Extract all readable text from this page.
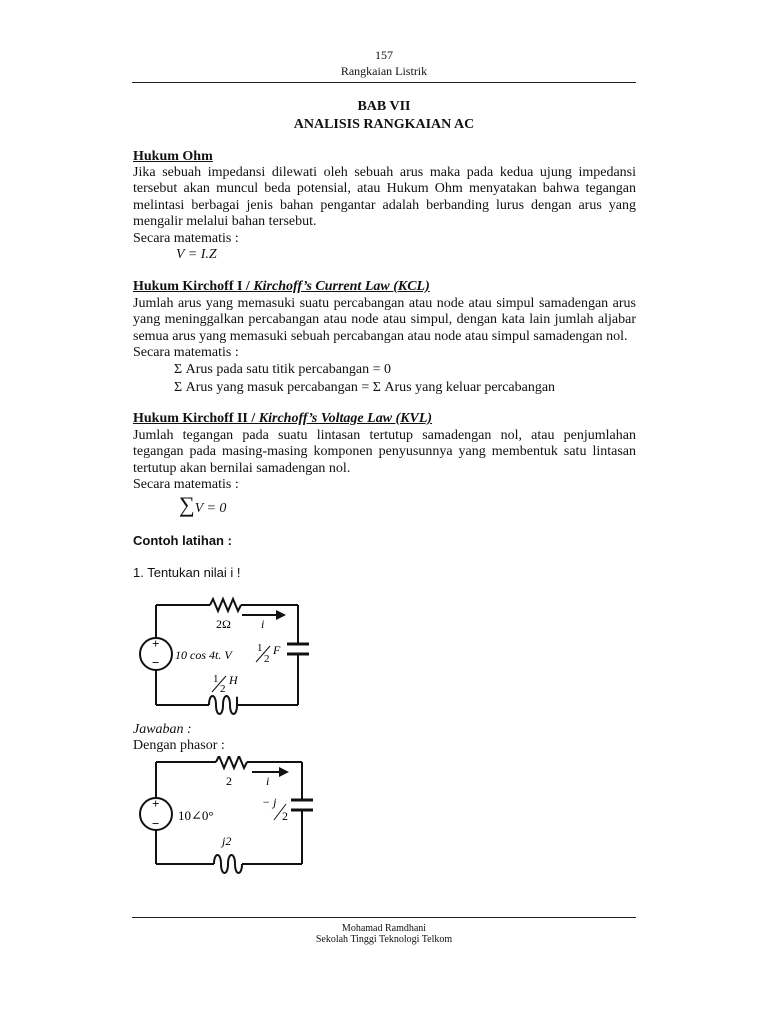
157
Rangkaian Listrik
BAB VII
ANALISIS RANGKAIAN AC
Hukum Ohm
Jika sebuah impedansi dilewati oleh sebuah arus maka pada kedua ujung impedansi tersebut akan muncul beda potensial, atau Hukum Ohm menyatakan bahwa tegangan melintasi berbagai jenis bahan pengantar adalah berbanding lurus dengan arus yang mengalir melalui bahan tersebut.
Secara matematis :
V = I.Z
Hukum Kirchoff I / Kirchoff’s Current Law (KCL)
Jumlah arus yang memasuki suatu percabangan atau node atau simpul samadengan arus yang meninggalkan percabangan atau node atau simpul, dengan kata lain jumlah aljabar semua arus yang memasuki sebuah percabangan atau node atau simpul samadengan nol.
Secara matematis :
Σ Arus pada satu titik percabangan = 0
Σ Arus yang masuk percabangan = Σ Arus yang keluar percabangan
Hukum Kirchoff II / Kirchoff’s Voltage Law (KVL)
Jumlah tegangan pada suatu lintasan tertutup samadengan nol, atau penjumlahan tegangan pada masing-masing komponen penyusunnya yang membentuk satu lintasan tertutup akan bernilai samadengan nol.
Secara matematis :
∑V = 0
Contoh latihan :
1. Tentukan nilai i !
+
−
2Ω	i
10 cos 4t. V 1
2
F
1
2
H
Jawaban :
Dengan phasor :
+
−
2	i
10∠0°
− j
2
j2
Mohamad Ramdhani
Sekolah Tinggi Teknologi Telkom
